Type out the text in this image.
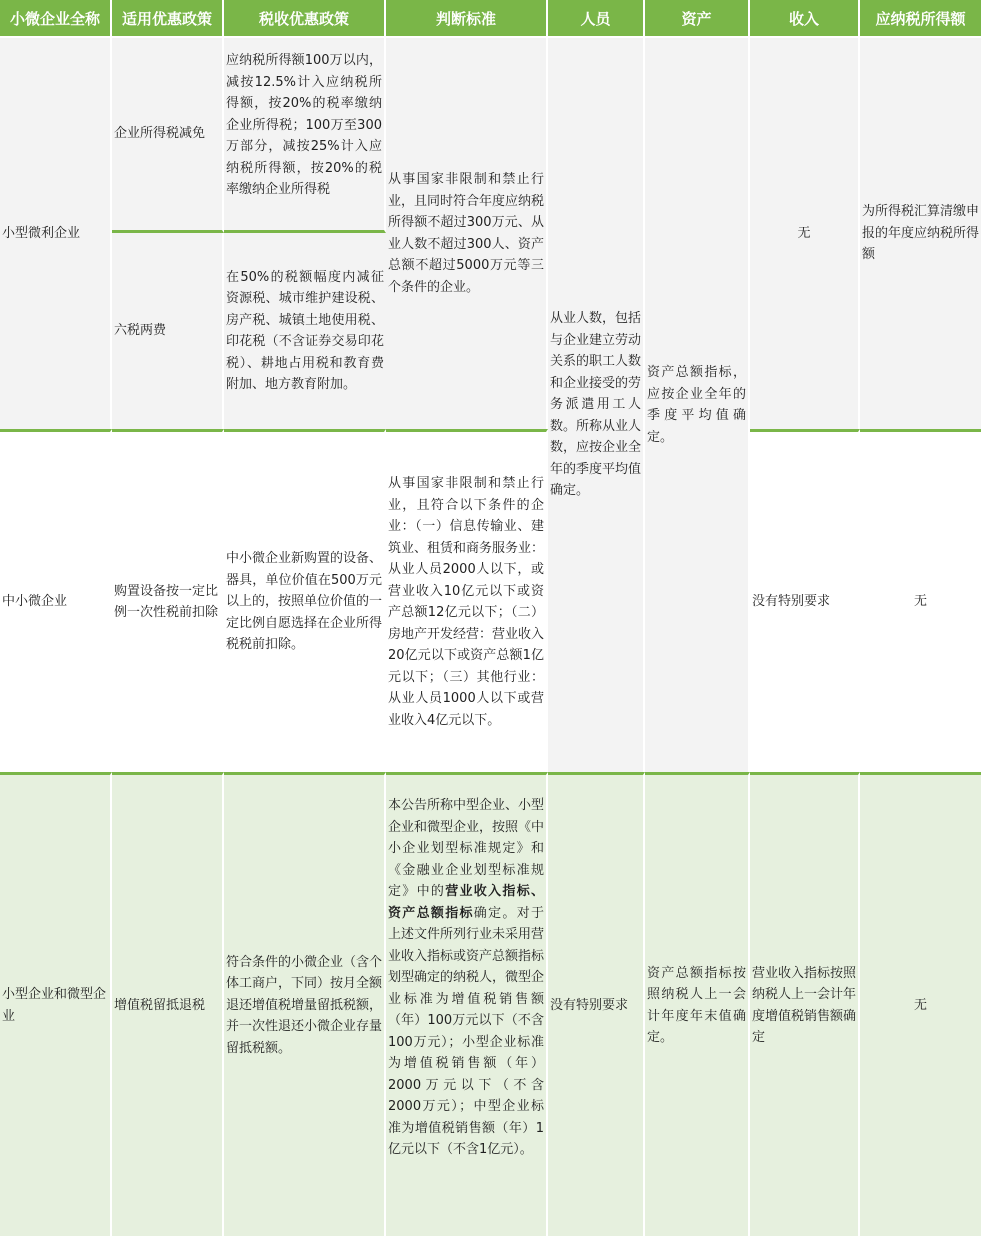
小微企业全称	适用优惠政策	税收优惠政策	判断标准	人员	资产	收入	应纳税所得额
小型微利企业	企业所得税减免	应纳税所得额100万以内，减按12.5%计入应纳税所得额，按20%的税率缴纳企业所得税；100万至300万部分，减按25%计入应纳税所得额，按20%的税率缴纳企业所得税	从事国家非限制和禁止行业，且同时符合年度应纳税所得额不超过300万元、从业人数不超过300人、资产总额不超过5000万元等三个条件的企业。	从业人数，包括与企业建立劳动关系的职工人数和企业接受的劳务派遣用工人数。所称从业人数，应按企业全年的季度平均值确定。	资产总额指标，应按企业全年的季度平均值确定。	无	为所得税汇算清缴申报的年度应纳税所得额
	六税两费	在50%的税额幅度内减征资源税、城市维护建设税、房产税、城镇土地使用税、印花税（不含证券交易印花税）、耕地占用税和教育费附加、地方教育附加。					
中小微企业	购置设备按一定比例一次性税前扣除	中小微企业新购置的设备、器具，单位价值在500万元以上的，按照单位价值的一定比例自愿选择在企业所得税税前扣除。	从事国家非限制和禁止行业，且符合以下条件的企业：（一）信息传输业、建筑业、租赁和商务服务业：从业人员2000人以下，或营业收入10亿元以下或资产总额12亿元以下；（二）房地产开发经营：营业收入20亿元以下或资产总额1亿元以下；（三）其他行业：从业人员1000人以下或营业收入4亿元以下。			没有特别要求	无
小型企业和微型企业	增值税留抵退税	符合条件的小微企业（含个体工商户，下同）按月全额退还增值税增量留抵税额，并一次性退还小微企业存量留抵税额。	本公告所称中型企业、小型企业和微型企业，按照《中小企业划型标准规定》和《金融业企业划型标准规定》中的营业收入指标、资产总额指标确定。对于上述文件所列行业未采用营业收入指标或资产总额指标划型确定的纳税人，微型企业标准为增值税销售额（年）100万元以下（不含100万元）；小型企业标准为增值税销售额（年）2000万元以下（不含2000万元）；中型企业标准为增值税销售额（年）1亿元以下（不含1亿元）。	没有特别要求	资产总额指标按照纳税人上一会计年度年末值确定。	营业收入指标按照纳税人上一会计年度增值税销售额确定	无
